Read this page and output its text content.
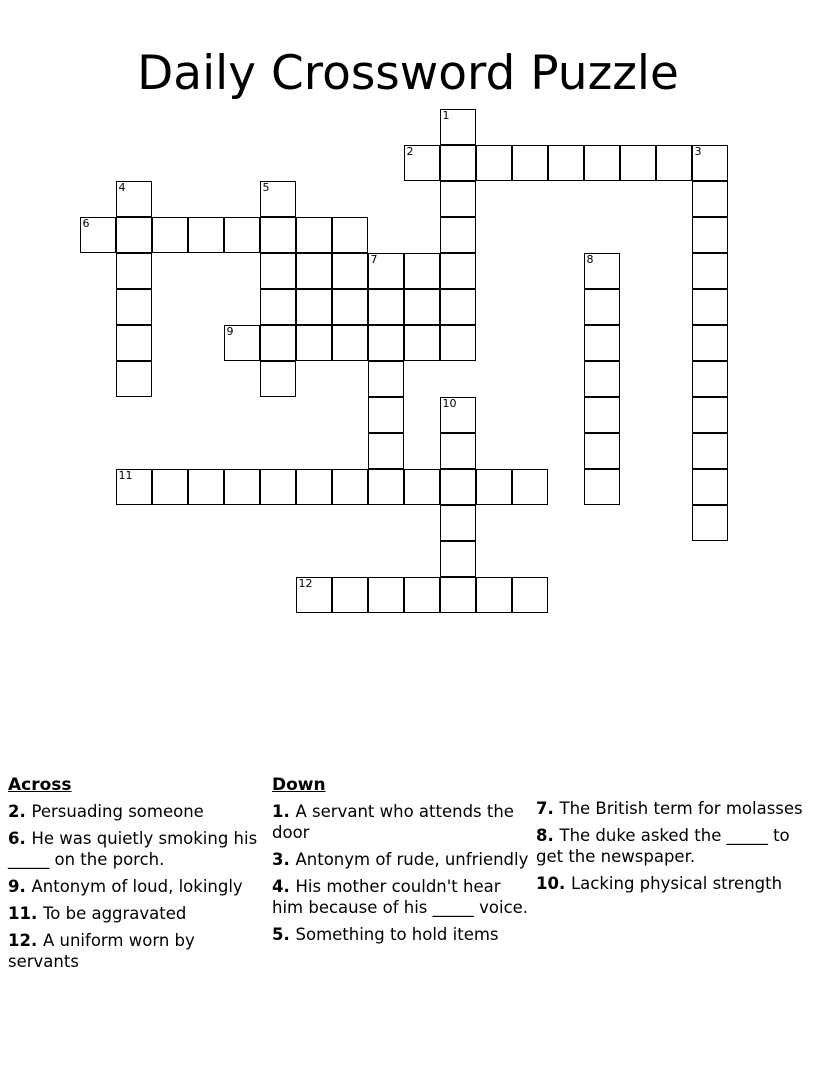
Daily Crossword Puzzle
1
2	3
4	5
6
7	8
9
10
11
12
Across
2. Persuading someone
6. He was quietly smoking his _____ on the porch.
9. Antonym of loud, lokingly
11. To be aggravated
12. A uniform worn by servants
Down
1. A servant who attends the door
3. Antonym of rude, unfriendly
4. His mother couldn't hear him because of his _____ voice.
5. Something to hold items
7. The British term for molasses
8. The duke asked the _____ to get the newspaper.
10. Lacking physical strength
